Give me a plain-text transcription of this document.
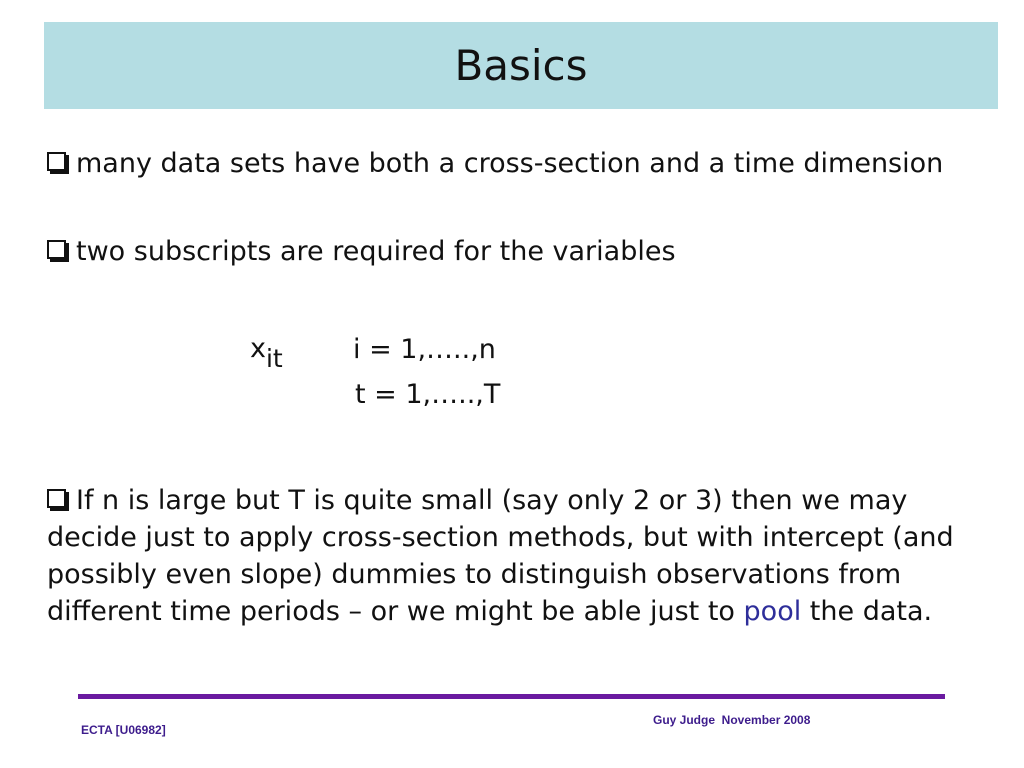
Basics
many data sets have both a cross-section and a time dimension
two subscripts are required for the variables
xit	i = 1,…..,n
t = 1,…..,T
If n is large but T is quite small (say only 2 or 3) then we may decide just to apply cross-section methods, but with intercept (and possibly even slope) dummies to distinguish observations from different time periods – or we might be able just to pool the data.
ECTA [U06982]
Guy Judge  November 2008
